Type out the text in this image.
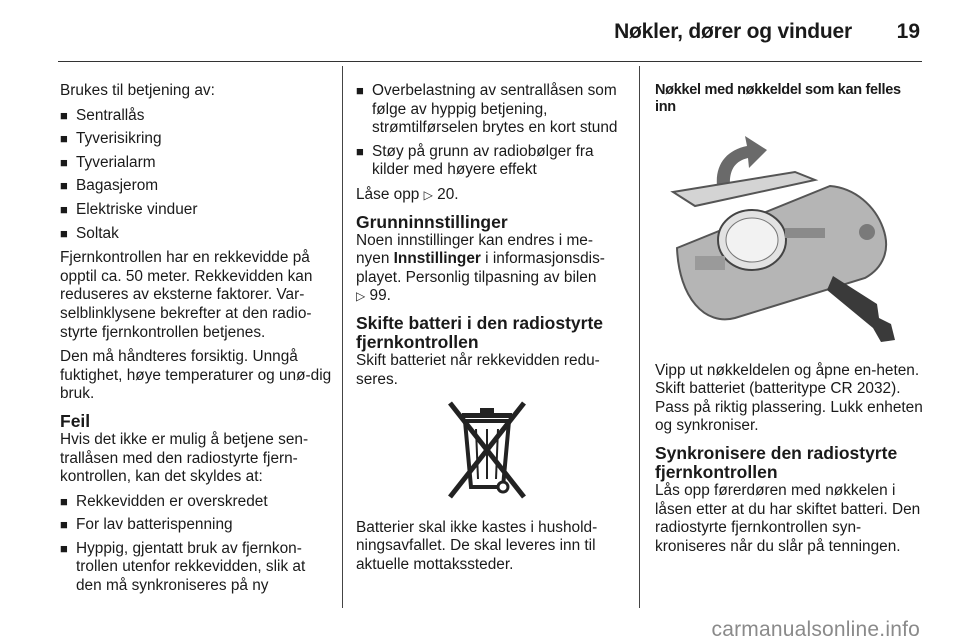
Nøkler, dører og vinduer 19

Brukes til betjening av:

■ Sentrallås
■ Tyverisikring
■ Tyverialarm
■ Bagasjerom
■ Elektriske vinduer
■ Soltak

Fjernkontrollen har en rekkevidde på opptil ca. 50 meter. Rekkevidden kan reduseres av eksterne faktorer. Var-selblinklysene bekrefter at den radio-styrte fjernkontrollen betjenes.

Den må håndteres forsiktig. Unngå fuktighet, høye temperaturer og unø-dig bruk.

Feil

Hvis det ikke er mulig å betjene sen-trallåsen med den radiostyrte fjern-kontrollen, kan det skyldes at:

■ Rekkevidden er overskredet
■ For lav batterispenning
■ Hyppig, gjentatt bruk av fjernkon-trollen utenfor rekkevidden, slik at den må synkroniseres på ny
■ Overbelastning av sentrallåsen som følge av hyppig betjening, strømtilførselen brytes en kort stund
■ Støy på grunn av radiobølger fra kilder med høyere effekt

Låse opp ▷ 20.

Grunninnstillinger

Noen innstillinger kan endres i me-nyen Innstillinger i informasjonsdis-playet. Personlig tilpasning av bilen
▷ 99.

Skifte batteri i den radiostyrte fjernkontrollen

Skift batteriet når rekkevidden redu-seres.

Batterier skal ikke kastes i hushold-ningsavfallet. De skal leveres inn til aktuelle mottakssteder.

Nøkkel med nøkkeldel som kan felles inn

Vipp ut nøkkeldelen og åpne en-heten. Skift batteriet (batteritype CR 2032). Pass på riktig plassering. Lukk enheten og synkroniser.

Synkronisere den radiostyrte fjernkontrollen

Lås opp førerdøren med nøkkelen i låsen etter at du har skiftet batteri. Den radiostyrte fjernkontrollen syn-kroniseres når du slår på tenningen.

carmanualsonline.info
